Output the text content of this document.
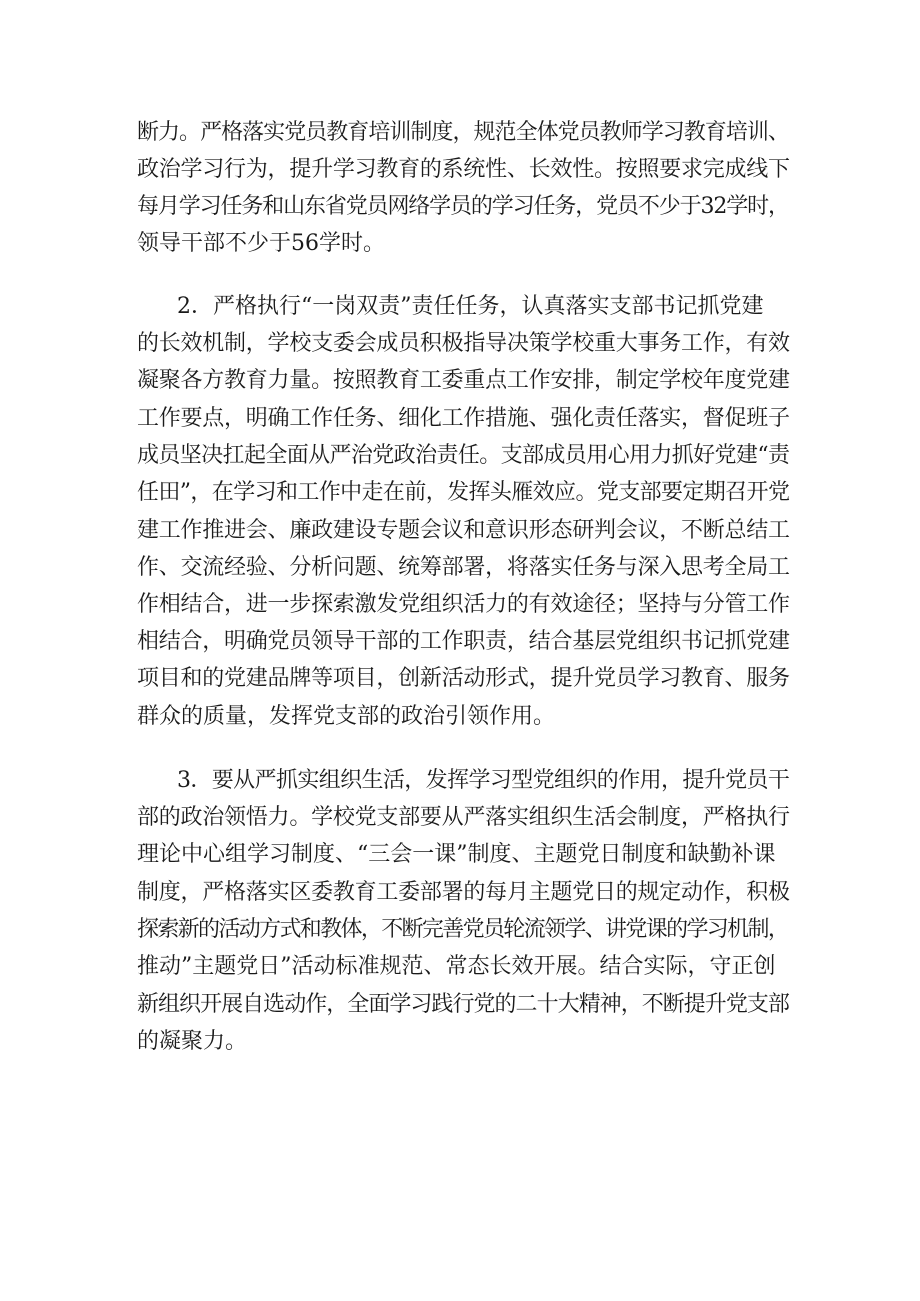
断力。严格落实党员教育培训制度，规范全体党员教师学习教育培训、

政治学习行为，提升学习教育的系统性、长效性。按照要求完成线下

每月学习任务和山东省党员网络学员的学习任务，党员不少于32学时，

领导干部不少于56学时。

2．严格执行“一岗双责”责任任务，认真落实支部书记抓党建

的长效机制，学校支委会成员积极指导决策学校重大事务工作，有效

凝聚各方教育力量。按照教育工委重点工作安排，制定学校年度党建

工作要点，明确工作任务、细化工作措施、强化责任落实，督促班子

成员坚决扛起全面从严治党政治责任。支部成员用心用力抓好党建“责

任田”，在学习和工作中走在前，发挥头雁效应。党支部要定期召开党

建工作推进会、廉政建设专题会议和意识形态研判会议，不断总结工

作、交流经验、分析问题、统筹部署，将落实任务与深入思考全局工

作相结合，进一步探索激发党组织活力的有效途径；坚持与分管工作

相结合，明确党员领导干部的工作职责，结合基层党组织书记抓党建

项目和的党建品牌等项目，创新活动形式，提升党员学习教育、服务

群众的质量，发挥党支部的政治引领作用。

3．要从严抓实组织生活，发挥学习型党组织的作用，提升党员干

部的政治领悟力。学校党支部要从严落实组织生活会制度，严格执行

理论中心组学习制度、“三会一课”制度、主题党日制度和缺勤补课

制度，严格落实区委教育工委部署的每月主题党日的规定动作，积极

探索新的活动方式和教体，不断完善党员轮流领学、讲党课的学习机制，

推动”主题党日”活动标准规范、常态长效开展。结合实际，守正创

新组织开展自选动作，全面学习践行党的二十大精神，不断提升党支部

的凝聚力。
